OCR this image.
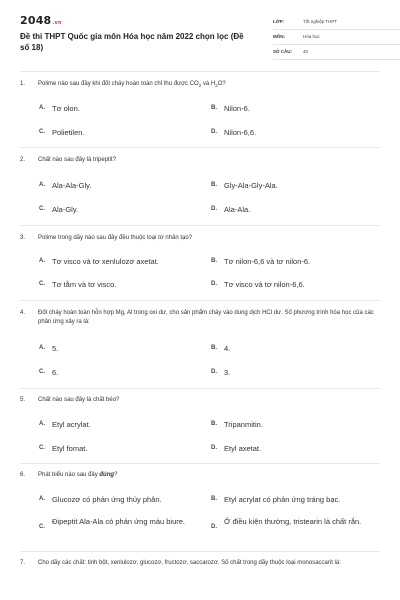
2048.vn
Đề thi THPT Quốc gia môn Hóa học năm 2022 chọn lọc (Đề số 18)
LỚP:	Tốt nghiệp THPT
MÔN:	Hóa học
SỐ CÂU: 40
1. Polime nào sau đây khi đốt cháy hoàn toàn chỉ thu được $CO_2$ và $H_2O$?
A. Tơ olon.	B. Nilon-6.
C. Polietilen.	D. Nilon-6,6.
2. Chất nào sau đây là tripeptit?
A. Ala-Ala-Gly.	B. Gly-Ala-Gly-Ala.
C. Ala-Gly.	D. Ala-Ala.
3. Polime trong dãy nào sau đây đều thuộc loại tơ nhân tạo?
A. Tơ visco và tơ xenlulozơ axetat.	B. Tơ nilon-6,6 và tơ nilon-6.
C. Tơ tằm và tơ visco.	D. Tơ visco và tơ nilon-6,6.
4. Đốt cháy hoàn toàn hỗn hợp Mg, Al trong oxi dư, cho sản phẩm cháy vào dung dịch HCl dư. Số phương trình hóa học của các phản ứng xảy ra là:
A. 5.	B. 4.
C. 6.	D. 3.
5. Chất nào sau đây là chất béo?
A. Etyl acrylat.	B. Tripanmitin.
C. Etyl fomat.	D. Etyl axetat.
6. Phát biểu nào sau đây đúng?
A. Glucozơ có phản ứng thủy phân.	B. Etyl acrylat có phản ứng tráng bạc.
C.
Đipeptit Ala-Ala có phản ứng màu biure.
D.
Ở điều kiện thường, tristearin là chất rắn.
7. Cho dãy các chất: tinh bột, xenlulozơ, glucozơ, fructozơ, saccarozơ. Số chất trong dãy thuộc loại monosaccarit là:
